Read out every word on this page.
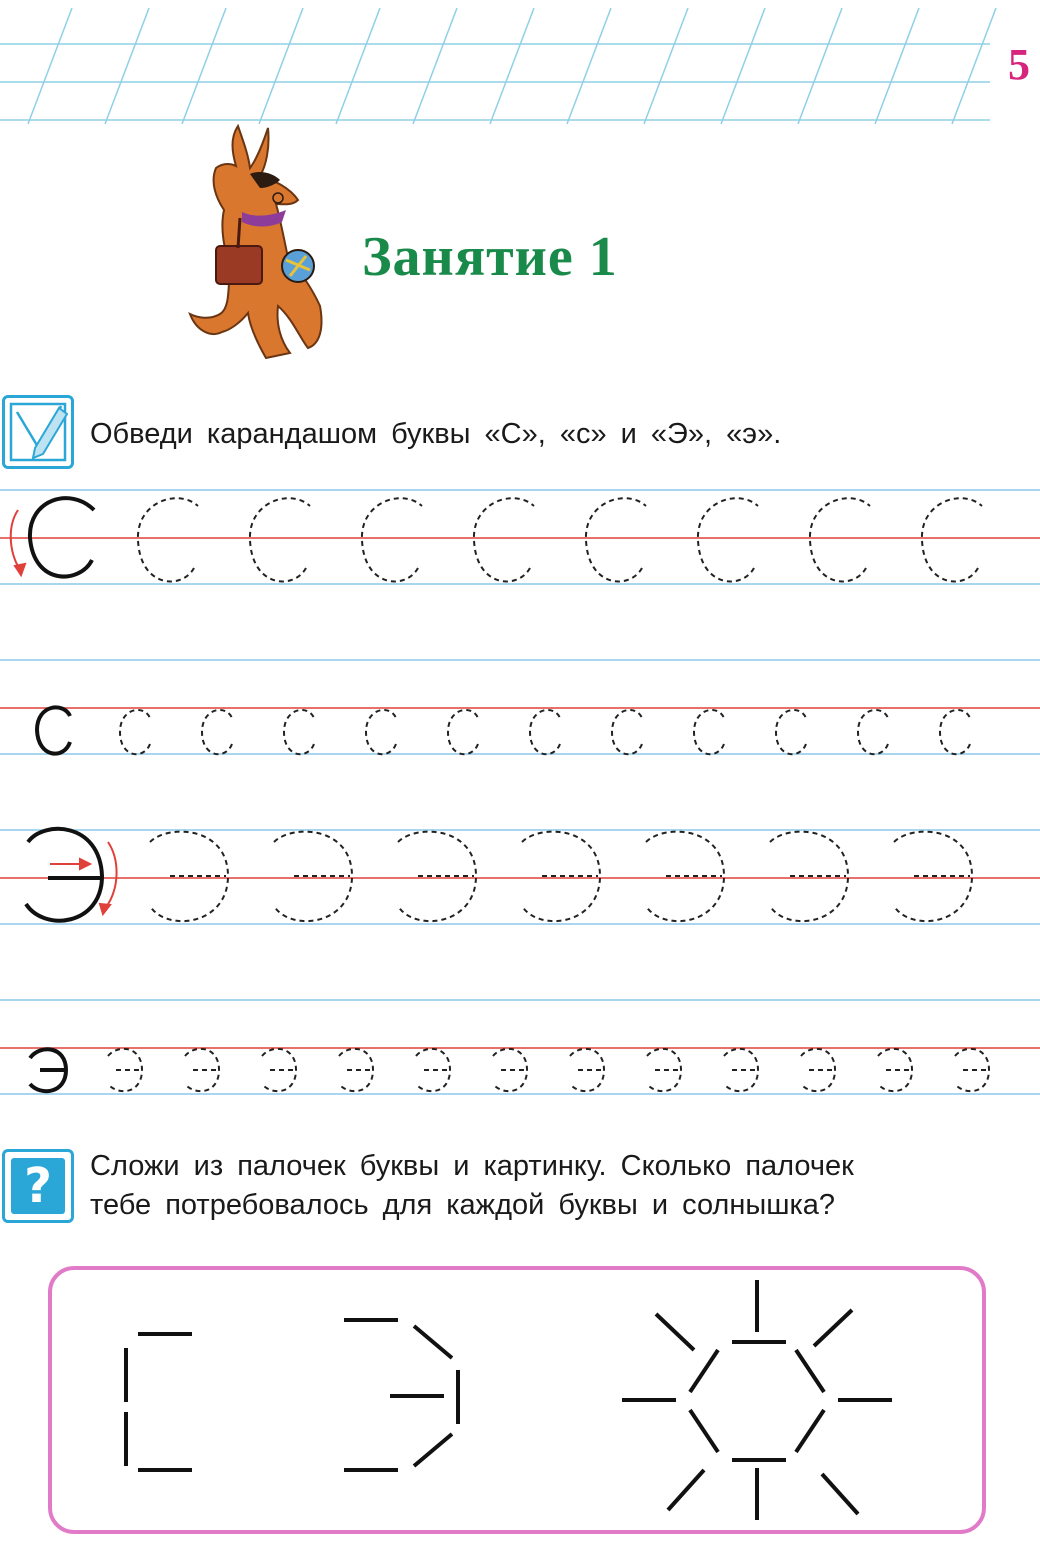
5
Занятие 1
Обведи карандашом буквы «С», «с» и «Э», «э».
?	Сложи из палочек буквы и картинку. Сколько палочек
тебе потребовалось для каждой буквы и солнышка?
